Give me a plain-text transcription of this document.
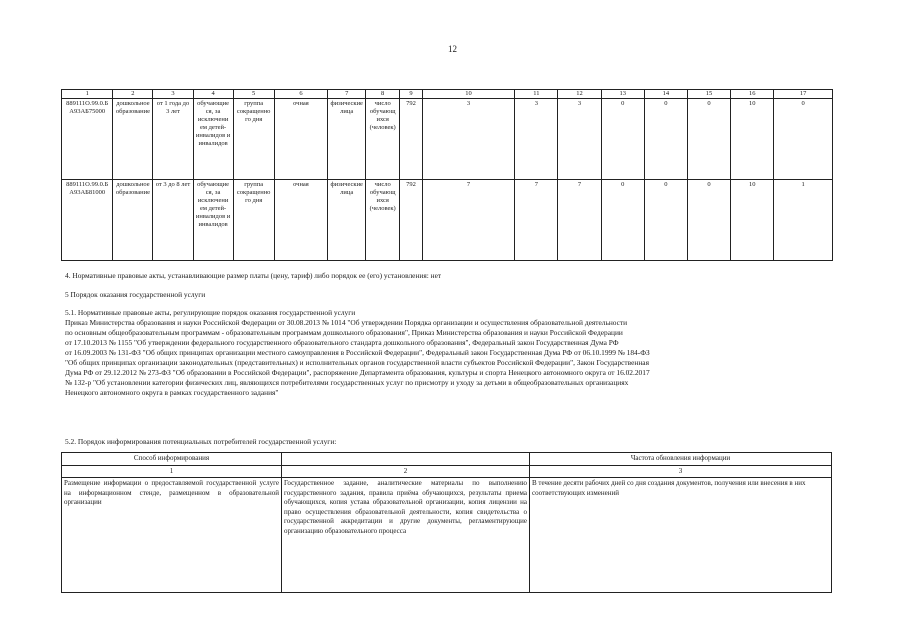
12
1	2	3	4	5	6	7	8	9	10	11	12	13	14	15	16	17
889111О.99.0.Б А93АБ75000	дошкольное образование	от 1 года до 3 лет	обучающие ся, за исключени ем детей-инвалидов и инвалидов	группа сокращенно го дня	очная	физические лица	число обучающ ихся (человек)	792	3	3	3	0	0	0	10	0
889111О.99.0.Б А93АБ81000	дошкольное образование	от 3 до 8 лет	обучающие ся, за исключени ем детей-инвалидов и инвалидов	группа сокращенно го дня	очная	физические лица	число обучающ ихся (человек)	792	7	7	7	0	0	0	10	1

4. Нормативные правовые акты, устанавливающие размер платы (цену, тариф) либо порядок ее (его) установления: нет

5 Порядок оказания государственной услуги

5.1. Нормативные правовые акты, регулирующие порядок оказания государственной услуги

Приказ Министерства образования и науки Российской Федерации от 30.08.2013 № 1014 "Об утверждении Порядка организации и осуществления образовательной деятельности

по основным общеобразовательным программам - образовательным программам дошкольного образования", Приказ Министерства образования и науки Российской Федерации

от 17.10.2013 № 1155 "Об утверждении федерального государственного образовательного стандарта дошкольного образования", Федеральный закон Государственная Дума РФ

от 16.09.2003 № 131-ФЗ "Об общих принципах организации местного самоуправления в Российской Федерации", Федеральный закон Государственная Дума РФ от 06.10.1999 № 184-ФЗ

"Об общих принципах организации законодательных (представительных) и исполнительных органов государственной власти субъектов Российской Федерации", Закон Государственная

Дума РФ от 29.12.2012 № 273-ФЗ "Об образовании в Российской Федерации", распоряжение Департамента образования, культуры и спорта Ненецкого автономного округа от 16.02.2017

№ 132-р "Об установлении категории физических лиц, являющихся потребителями государственных услуг по присмотру и уходу за детьми в общеобразовательных организациях

Ненецкого автономного округа в рамках государственного задания"

5.2. Порядок информирования потенциальных потребителей государственной услуги:

Способ информирования		Частота обновления информации
1	2	3
Размещение информации о предоставляемой государственной услуге на информационном стенде, размещенном в образовательной организации	Государственное задание, аналитические материалы по выполнению государственного задания, правила приёма обучающихся, результаты приема обучающихся, копия устава образовательной организации, копия лицензии на право осуществления образовательной деятельности, копия свидетельства о государственной аккредитации и другие документы, регламентирующие организацию образовательного процесса	В течение десяти рабочих дней со дня создания документов, получения или внесения в них соответствующих изменений
